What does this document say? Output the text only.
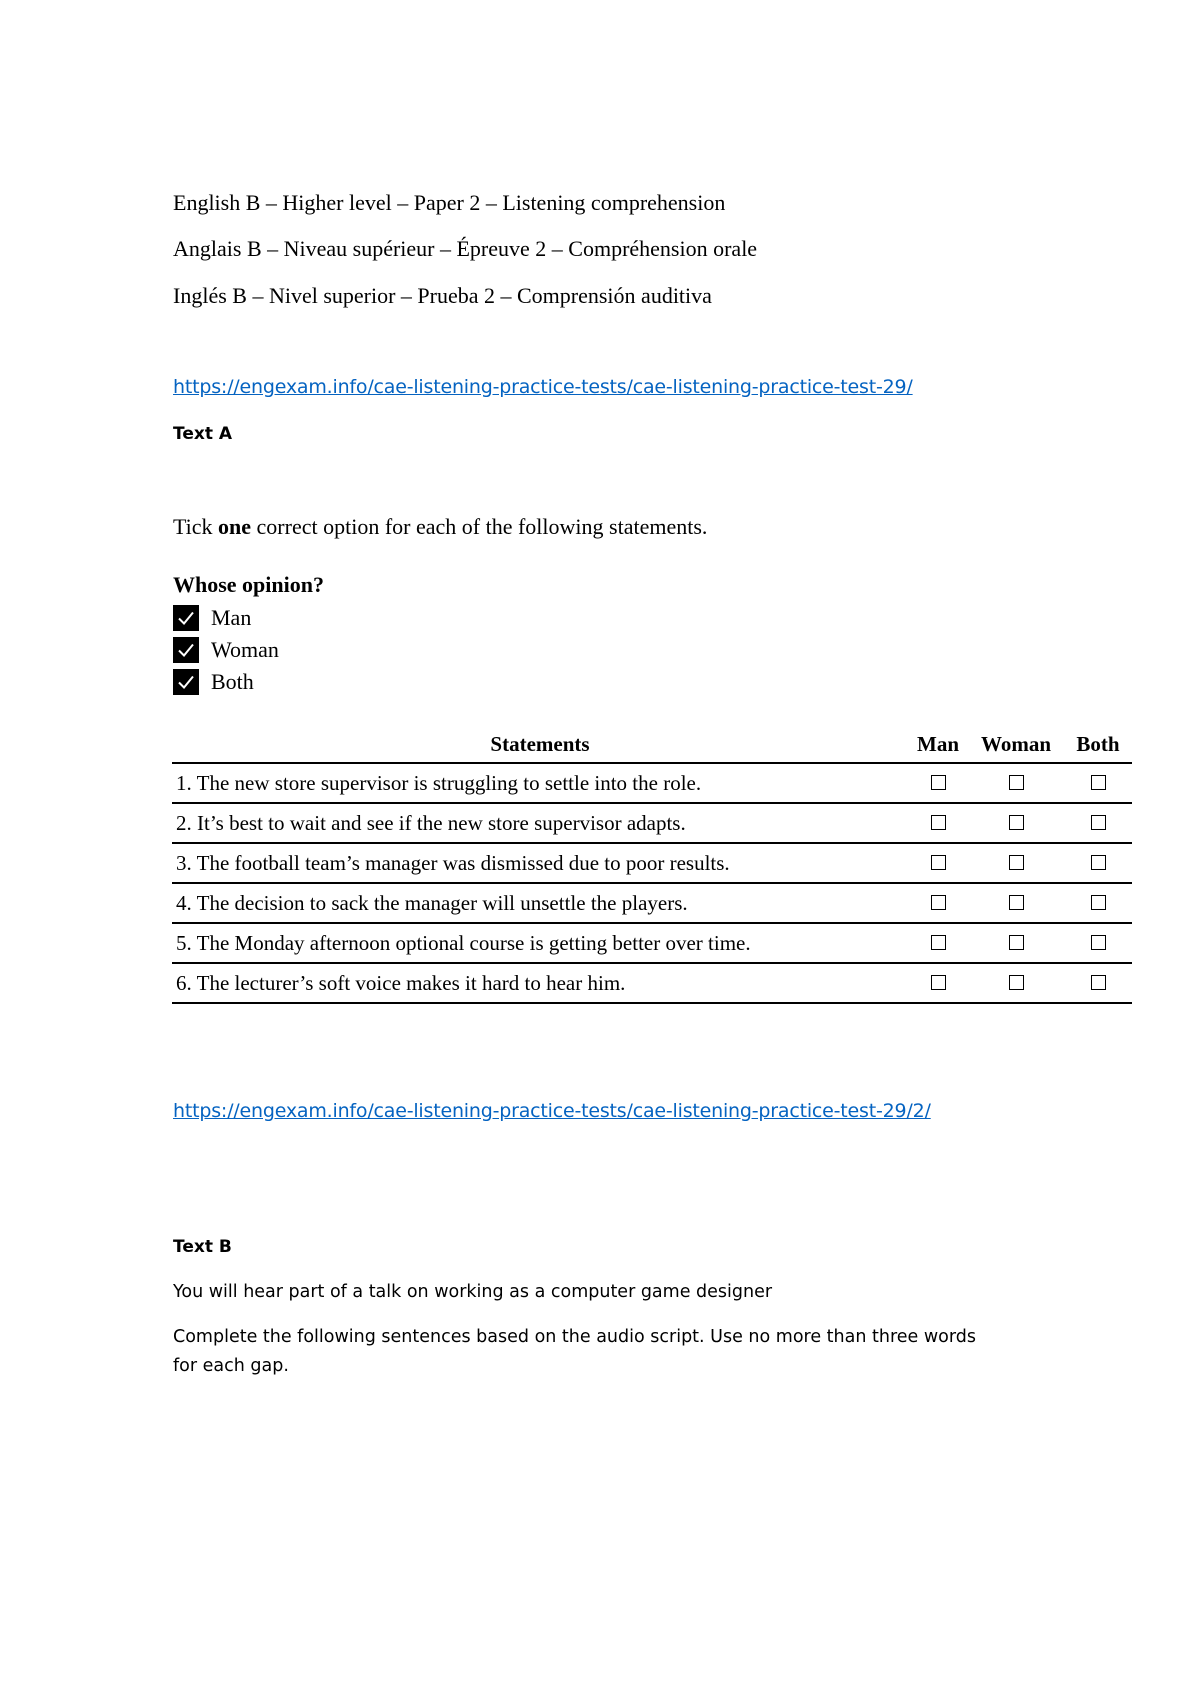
English B – Higher level – Paper 2 – Listening comprehension
Anglais B – Niveau supérieur – Épreuve 2 – Compréhension orale
Inglés B – Nivel superior – Prueba 2 – Comprensión auditiva
https://engexam.info/cae-listening-practice-tests/cae-listening-practice-test-29/
Text A
Tick one correct option for each of the following statements.
Whose opinion?
Man
Woman
Both
Statements	Man	Woman	Both
1. The new store supervisor is struggling to settle into the role.			
2. It’s best to wait and see if the new store supervisor adapts.			
3. The football team’s manager was dismissed due to poor results.			
4. The decision to sack the manager will unsettle the players.			
5. The Monday afternoon optional course is getting better over time.			
6. The lecturer’s soft voice makes it hard to hear him.			
https://engexam.info/cae-listening-practice-tests/cae-listening-practice-test-29/2/
Text B
You will hear part of a talk on working as a computer game designer
Complete the following sentences based on the audio script. Use no more than three words
for each gap.
